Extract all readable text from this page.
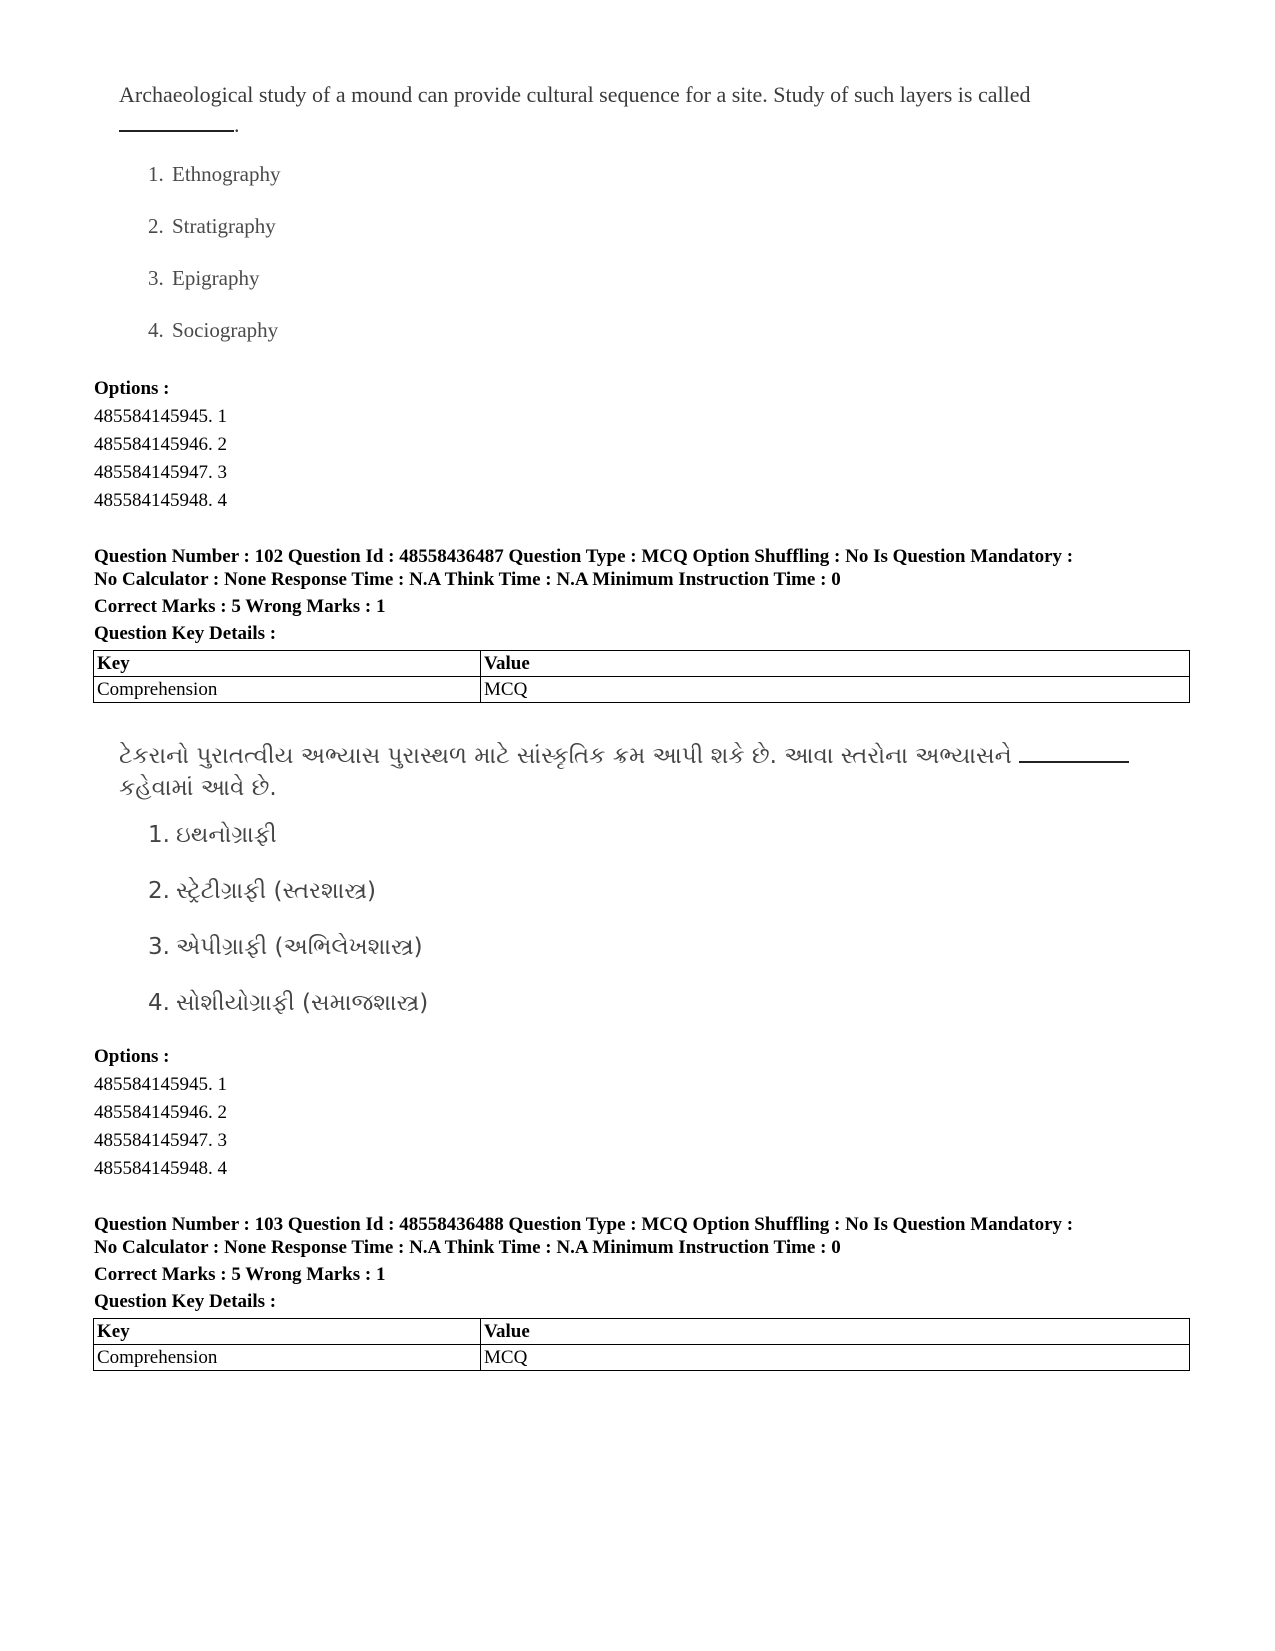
Archaeological study of a mound can provide cultural sequence for a site. Study of such layers is called
.
1. Ethnography
2. Stratigraphy
3. Epigraphy
4. Sociography
Options :
485584145945. 1
485584145946. 2
485584145947. 3
485584145948. 4
Question Number : 102 Question Id : 48558436487 Question Type : MCQ Option Shuffling : No Is Question Mandatory :
No Calculator : None Response Time : N.A Think Time : N.A Minimum Instruction Time : 0
Correct Marks : 5 Wrong Marks : 1
Question Key Details :
Key	Value
Comprehension	MCQ
ટેકરાનો પુરાતત્વીય અભ્યાસ પુરાસ્થળ માટે સાંસ્કૃતિક ક્રમ આપી શકે છે. આવા સ્તરોના અભ્યાસને
કહેવામાં આવે છે.
1. ઇથનોગ્રાફી
2. સ્ટ્રેટીગ્રાફી (સ્તરશાસ્ત્ર)
3. એપીગ્રાફી (અભિલેખશાસ્ત્ર)
4. સોશીયોગ્રાફી (સમાજશાસ્ત્ર)
Options :
485584145945. 1
485584145946. 2
485584145947. 3
485584145948. 4
Question Number : 103 Question Id : 48558436488 Question Type : MCQ Option Shuffling : No Is Question Mandatory :
No Calculator : None Response Time : N.A Think Time : N.A Minimum Instruction Time : 0
Correct Marks : 5 Wrong Marks : 1
Question Key Details :
Key	Value
Comprehension	MCQ
